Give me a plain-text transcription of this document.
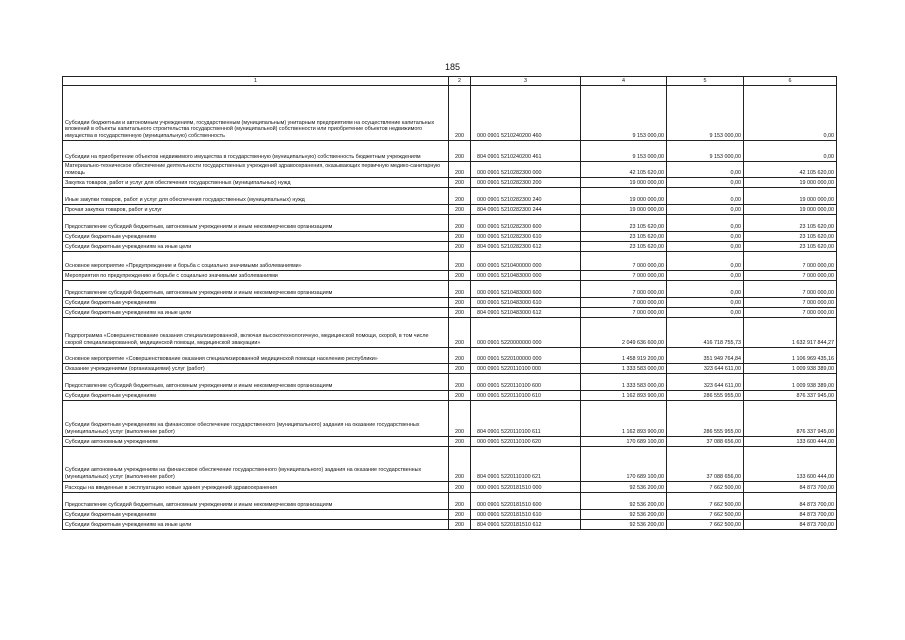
185
1	2	3	4	5	6
Субсидии бюджетным и автономным учреждениям, государственным (муниципальным) унитарным предприятиям на осуществление капитальных вложений в объекты капитального строительства государственной (муниципальной) собственности или приобретение объектов недвижимого имущества в государственную (муниципальную) собственность	200	000 0901 5210240200 460	9 153 000,00	9 153 000,00	0,00
Субсидии на приобретение объектов недвижимого имущества в государственную (муниципальную) собственность бюджетным учреждениям	200	804 0901 5210240200 461	9 153 000,00	9 153 000,00	0,00
Материально-техническое обеспечение деятельности государственных учреждений здравоохранения, оказывающих первичную медико-санитарную помощь	200	000 0901 5210282300 000	42 105 620,00	0,00	42 105 620,00
Закупка товаров, работ и услуг для обеспечения государственных (муниципальных) нужд	200	000 0901 5210282300 200	19 000 000,00	0,00	19 000 000,00
Иные закупки товаров, работ и услуг для обеспечения государственных (муниципальных) нужд	200	000 0901 5210282300 240	19 000 000,00	0,00	19 000 000,00
Прочая закупка товаров, работ и услуг	200	804 0901 5210282300 244	19 000 000,00	0,00	19 000 000,00
Предоставление субсидий бюджетным, автономным учреждениям и иным некоммерческим организациям	200	000 0901 5210282300 600	23 105 620,00	0,00	23 105 620,00
Субсидии бюджетным учреждениям	200	000 0901 5210282300 610	23 105 620,00	0,00	23 105 620,00
Субсидии бюджетным учреждениям на иные цели	200	804 0901 5210282300 612	23 105 620,00	0,00	23 105 620,00
Основное мероприятие «Предупреждение и борьба с социально значимыми заболеваниями»	200	000 0901 5210400000 000	7 000 000,00	0,00	7 000 000,00
Мероприятия по предупреждению и борьбе с социально значимыми заболеваниями	200	000 0901 5210483000 000	7 000 000,00	0,00	7 000 000,00
Предоставление субсидий бюджетным, автономным учреждениям и иным некоммерческим организациям	200	000 0901 5210483000 600	7 000 000,00	0,00	7 000 000,00
Субсидии бюджетным учреждениям	200	000 0901 5210483000 610	7 000 000,00	0,00	7 000 000,00
Субсидии бюджетным учреждениям на иные цели	200	804 0901 5210483000 612	7 000 000,00	0,00	7 000 000,00
Подпрограмма «Совершенствование оказания специализированной, включая высокотехнологичную, медицинской помощи, скорой, в том числе скорой специализированной, медицинской помощи, медицинской эвакуации»	200	000 0901 5220000000 000	2 049 636 600,00	416 718 755,73	1 632 917 844,27
Основное мероприятие «Совершенствование оказания специализированной медицинской помощи населению республики»	200	000 0901 5220100000 000	1 458 919 200,00	351 949 764,84	1 106 969 435,16
Оказание учреждениями (организациями) услуг (работ)	200	000 0901 5220110100 000	1 333 583 000,00	323 644 611,00	1 009 938 389,00
Предоставление субсидий бюджетным, автономным учреждениям и иным некоммерческим организациям	200	000 0901 5220110100 600	1 333 583 000,00	323 644 611,00	1 009 938 389,00
Субсидии бюджетным учреждениям	200	000 0901 5220110100 610	1 162 893 900,00	286 555 955,00	876 337 945,00
Субсидии бюджетным учреждениям на финансовое обеспечение государственного (муниципального) задания на оказание государственных (муниципальных) услуг (выполнение работ)	200	804 0901 5220110100 611	1 162 893 900,00	286 555 955,00	876 337 945,00
Субсидии автономным учреждениям	200	000 0901 5220110100 620	170 689 100,00	37 088 656,00	133 600 444,00
Субсидии автономным учреждениям на финансовое обеспечение государственного (муниципального) задания на оказание государственных (муниципальных) услуг (выполнение работ)	200	804 0901 5220110100 621	170 689 100,00	37 088 656,00	133 600 444,00
Расходы на введенные в эксплуатацию новые здания учреждений здравоохранения	200	000 0901 5220181510 000	92 536 200,00	7 662 500,00	84 873 700,00
Предоставление субсидий бюджетным, автономным учреждениям и иным некоммерческим организациям	200	000 0901 5220181510 600	92 536 200,00	7 662 500,00	84 873 700,00
Субсидии бюджетным учреждениям	200	000 0901 5220181510 610	92 536 200,00	7 662 500,00	84 873 700,00
Субсидии бюджетным учреждениям на иные цели	200	804 0901 5220181510 612	92 536 200,00	7 662 500,00	84 873 700,00
